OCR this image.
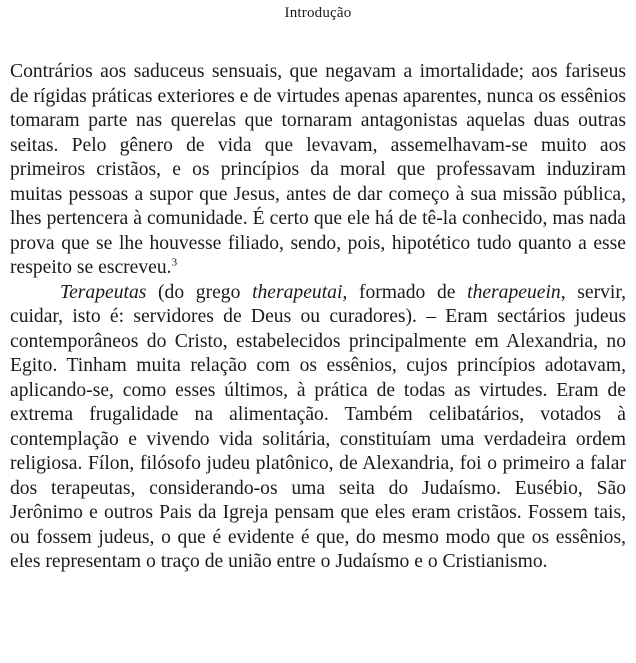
Introdução

Contrários aos saduceus sensuais, que negavam a imortalidade; aos fariseus de rígidas práticas exteriores e de virtudes apenas aparentes, nunca os essênios tomaram parte nas querelas que tornaram antagonistas aquelas duas outras seitas. Pelo gênero de vida que levavam, assemelhavam-se muito aos primeiros cristãos, e os princípios da moral que professavam induziram muitas pessoas a supor que Jesus, antes de dar começo à sua missão pública, lhes pertencera à comunidade. É certo que ele há de tê-la conhecido, mas nada prova que se lhe houvesse filiado, sendo, pois, hipotético tudo quanto a esse respeito se escreveu.$^3$

Terapeutas (do grego therapeutai, formado de therapeuein, servir, cuidar, isto é: servidores de Deus ou curadores). – Eram sectários judeus contemporâneos do Cristo, estabelecidos principalmente em Alexandria, no Egito. Tinham muita relação com os essênios, cujos princípios adotavam, aplicando-se, como esses últimos, à prática de todas as virtudes. Eram de extrema frugalidade na alimentação. Também celibatários, votados à contemplação e vivendo vida solitária, constituíam uma verdadeira ordem religiosa. Fílon, filósofo judeu platônico, de Alexandria, foi o primeiro a falar dos terapeutas, considerando-os uma seita do Judaísmo. Eusébio, São Jerônimo e outros Pais da Igreja pensam que eles eram cristãos. Fossem tais, ou fossem judeus, o que é evidente é que, do mesmo modo que os essênios, eles representam o traço de união entre o Judaísmo e o Cristianismo.
